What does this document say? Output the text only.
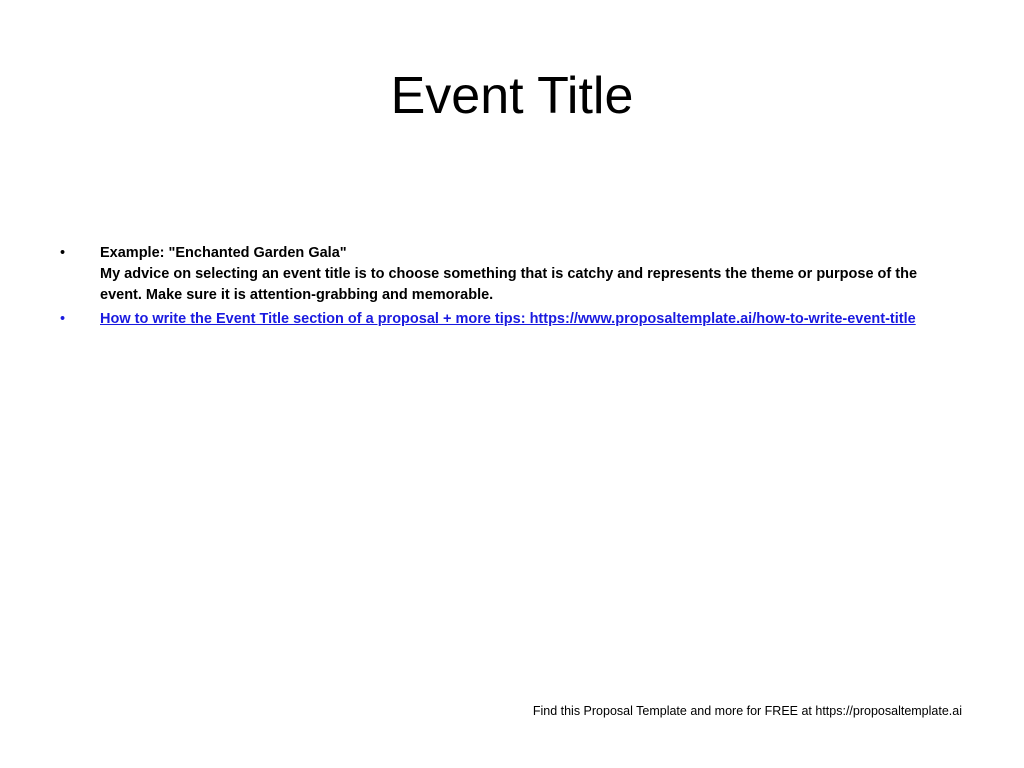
Event Title
•	Example: "Enchanted Garden Gala"
My advice on selecting an event title is to choose something that is catchy and represents the theme or purpose of the event. Make sure it is attention-grabbing and memorable.
•	How to write the Event Title section of a proposal + more tips: https://www.proposaltemplate.ai/how-to-write-event-title
Find this Proposal Template and more for FREE at https://proposaltemplate.ai
